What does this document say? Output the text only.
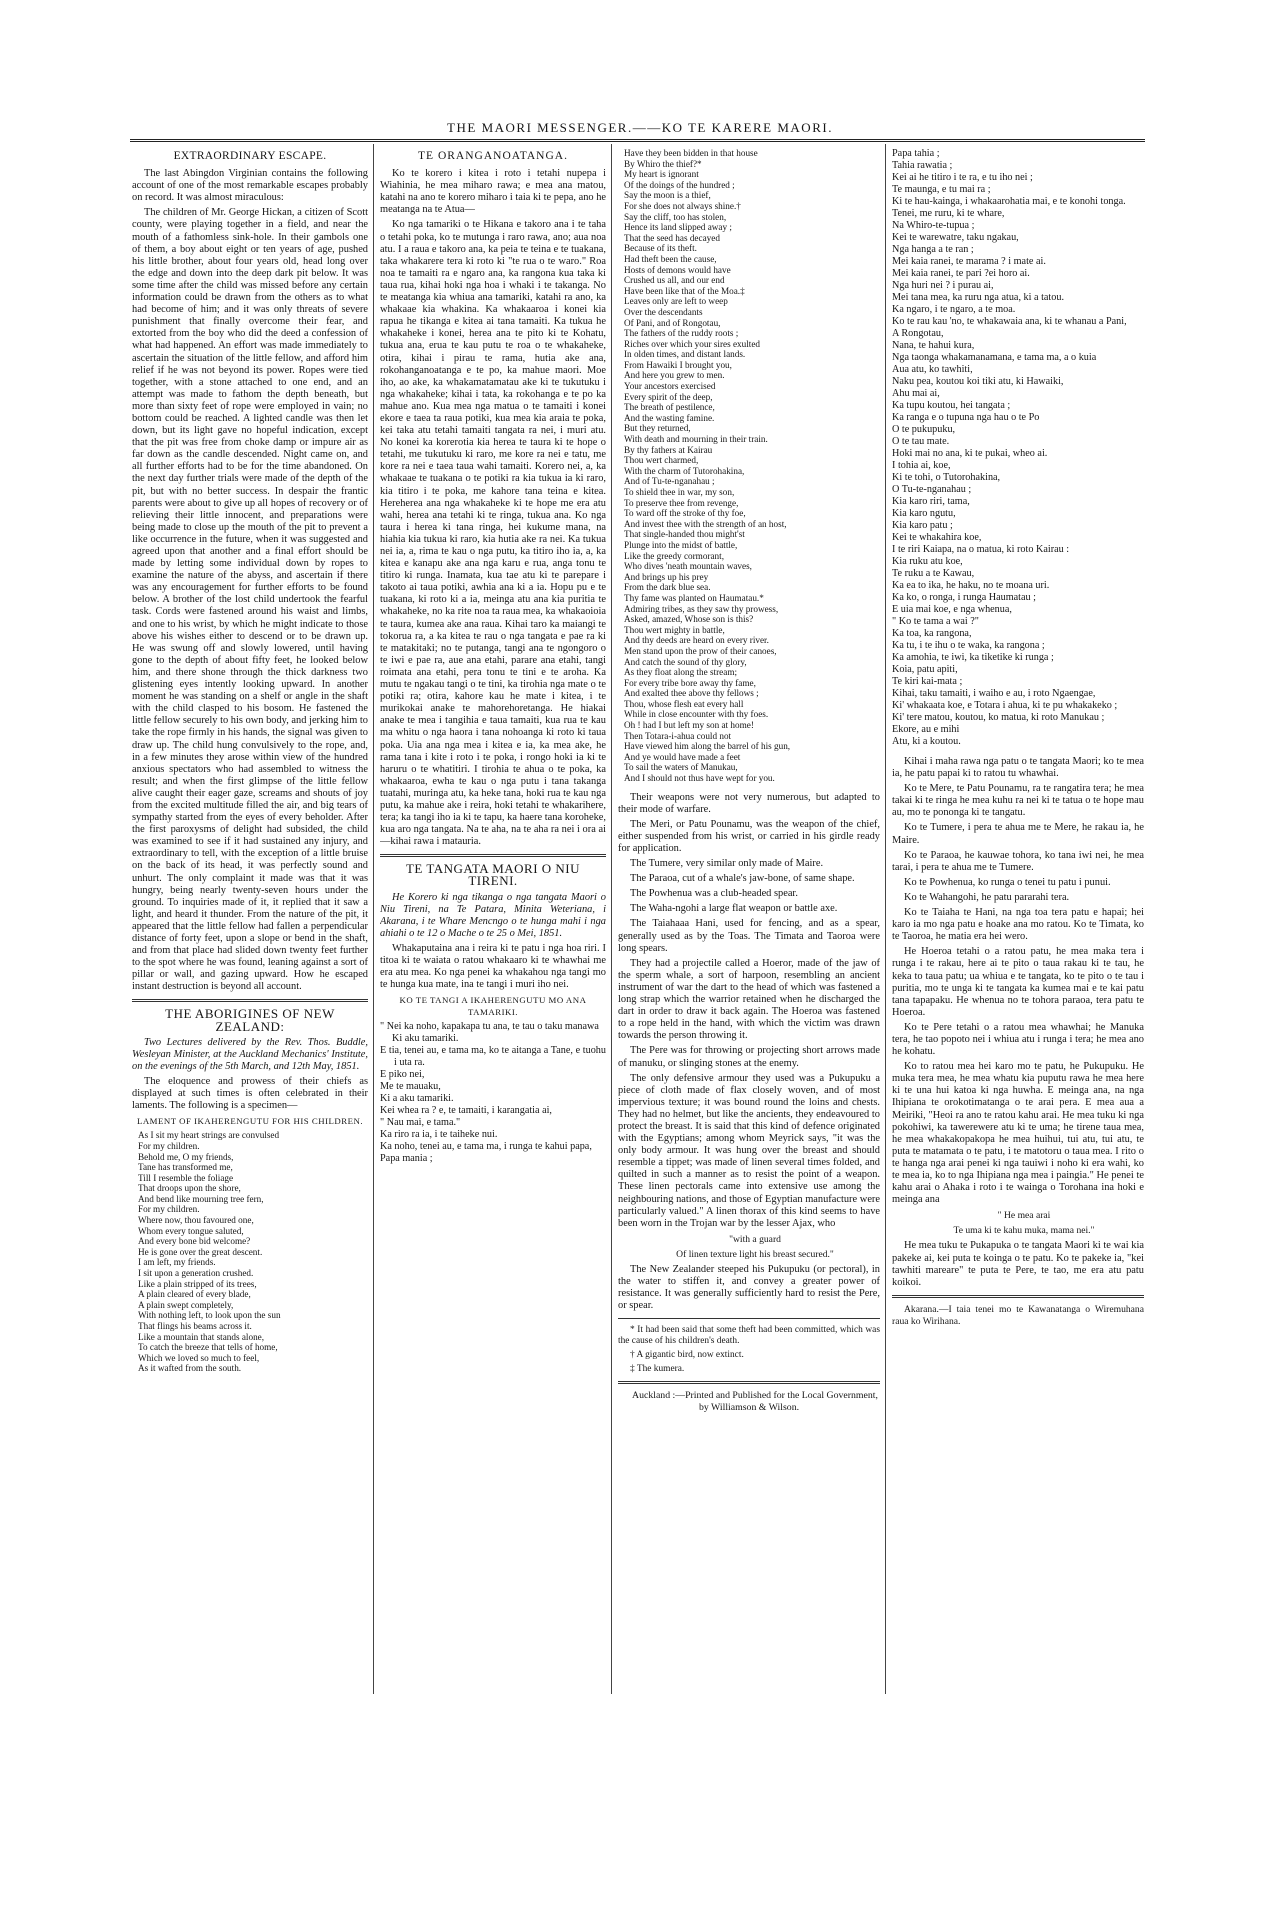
THE MAORI MESSENGER.——KO TE KARERE MAORI.
EXTRAORDINARY ESCAPE.

The last Abingdon Virginian contains the following account of one of the most remarkable escapes probably on record. It was almost miraculous:

The children of Mr. George Hickan, a citizen of Scott county, were playing together in a field, and near the mouth of a fathomless sink-hole. In their gambols one of them, a boy about eight or ten years of age, pushed his little brother, about four years old, head long over the edge and down into the deep dark pit below. It was some time after the child was missed before any certain information could be drawn from the others as to what had become of him; and it was only threats of severe punishment that finally overcome their fear, and extorted from the boy who did the deed a confession of what had happened. An effort was made immediately to ascertain the situation of the little fellow, and afford him relief if he was not beyond its power. Ropes were tied together, with a stone attached to one end, and an attempt was made to fathom the depth beneath, but more than sixty feet of rope were employed in vain; no bottom could be reached. A lighted candle was then let down, but its light gave no hopeful indication, except that the pit was free from choke damp or impure air as far down as the candle descended. Night came on, and all further efforts had to be for the time abandoned. On the next day further trials were made of the depth of the pit, but with no better success. In despair the frantic parents were about to give up all hopes of recovery or of relieving their little innocent, and preparations were being made to close up the mouth of the pit to prevent a like occurrence in the future, when it was suggested and agreed upon that another and a final effort should be made by letting some individual down by ropes to examine the nature of the abyss, and ascertain if there was any encouragement for further efforts to be found below. A brother of the lost child undertook the fearful task. Cords were fastened around his waist and limbs, and one to his wrist, by which he might indicate to those above his wishes either to descend or to be drawn up. He was swung off and slowly lowered, until having gone to the depth of about fifty feet, he looked below him, and there shone through the thick darkness two glistening eyes intently looking upward. In another moment he was standing on a shelf or angle in the shaft with the child clasped to his bosom. He fastened the little fellow securely to his own body, and jerking him to take the rope firmly in his hands, the signal was given to draw up. The child hung convulsively to the rope, and, in a few minutes they arose within view of the hundred anxious spectators who had assembled to witness the result; and when the first glimpse of the little fellow alive caught their eager gaze, screams and shouts of joy from the excited multitude filled the air, and big tears of sympathy started from the eyes of every beholder. After the first paroxysms of delight had subsided, the child was examined to see if it had sustained any injury, and extraordinary to tell, with the exception of a little bruise on the back of its head, it was perfectly sound and unhurt. The only complaint it made was that it was hungry, being nearly twenty-seven hours under the ground. To inquiries made of it, it replied that it saw a light, and heard it thunder. From the nature of the pit, it appeared that the little fellow had fallen a perpendicular distance of forty feet, upon a slope or bend in the shaft, and from that place had slided down twenty feet further to the spot where he was found, leaning against a sort of pillar or wall, and gazing upward. How he escaped instant destruction is beyond all account.

THE ABORIGINES OF NEW ZEALAND:

Two Lectures delivered by the Rev. Thos. Buddle, Wesleyan Minister, at the Auckland Mechanics' Institute, on the evenings of the 5th March, and 12th May, 1851.

The eloquence and prowess of their chiefs as displayed at such times is often celebrated in their laments. The following is a specimen—

LAMENT OF IKAHERENGUTU FOR HIS CHILDREN.
As I sit my heart strings are convulsed
For my children.
Behold me, O my friends,
Tane has transformed me,
Till I resemble the foliage
That droops upon the shore,
And bend like mourning tree fern,
For my children.
Where now, thou favoured one,
Whom every tongue saluted,
And every bone bid welcome?
He is gone over the great descent.
I am left, my friends.
I sit upon a generation crushed.
Like a plain stripped of its trees,
A plain cleared of every blade,
A plain swept completely,
With nothing left, to look upon the sun
That flings his beams across it.
Like a mountain that stands alone,
To catch the breeze that tells of home,
Which we loved so much to feel,
As it wafted from the south.
TE ORANGANOATANGA.

Ko te korero i kitea i roto i tetahi nupepa i Wiahinia, he mea miharo rawa; e mea ana matou, katahi na ano te korero miharo i taia ki te pepa, ano he meatanga na te Atua—

Ko nga tamariki o te Hikana e takoro ana i te taha o tetahi poka, ko te mutunga i raro rawa, ano; aua noa atu. I a raua e takoro ana, ka peia te teina e te tuakana, taka whakarere tera ki roto ki "te rua o te waro." Roa noa te tamaiti ra e ngaro ana, ka rangona kua taka ki taua rua, kihai hoki nga hoa i whaki i te takanga. No te meatanga kia whiua ana tamariki, katahi ra ano, ka whakaae kia whakina. Ka whakaaroa i konei kia rapua he tikanga e kitea ai tana tamaiti. Ka tukua he whakaheke i konei, herea ana te pito ki te Kohatu, tukua ana, erua te kau putu te roa o te whakaheke, otira, kihai i pirau te rama, hutia ake ana, rokohanganoatanga e te po, ka mahue maori. Moe iho, ao ake, ka whakamatamatau ake ki te tukutuku i nga whakaheke; kihai i tata, ka rokohanga e te po ka mahue ano. Kua mea nga matua o te tamaiti i konei ekore e taea ta raua potiki, kua mea kia araia te poka, kei taka atu tetahi tamaiti tangata ra nei, i muri atu. No konei ka korerotia kia herea te taura ki te hope o tetahi, me tukutuku ki raro, me kore ra nei e tatu, me kore ra nei e taea taua wahi tamaiti. Korero nei, a, ka whakaae te tuakana o te potiki ra kia tukua ia ki raro, kia titiro i te poka, me kahore tana teina e kitea. Hereherea ana nga whakaheke ki te hope me era atu wahi, herea ana tetahi ki te ringa, tukua ana. Ko nga taura i herea ki tana ringa, hei kukume mana, na hiahia kia tukua ki raro, kia hutia ake ra nei. Ka tukua nei ia, a, rima te kau o nga putu, ka titiro iho ia, a, ka kitea e kanapu ake ana nga karu e rua, anga tonu te titiro ki runga. Inamata, kua tae atu ki te parepare i takoto ai taua potiki, awhia ana ki a ia. Hopu pu e te tuakana, ki roto ki a ia, meinga atu ana kia puritia te whakaheke, no ka rite noa ta raua mea, ka whakaoioia te taura, kumea ake ana raua. Kihai taro ka maiangi te tokorua ra, a ka kitea te rau o nga tangata e pae ra ki te matakitaki; no te putanga, tangi ana te ngongoro o te iwi e pae ra, aue ana etahi, parare ana etahi, tangi roimata ana etahi, pera tonu te tini e te aroha. Ka mutu te ngakau tangi o te tini, ka tirohia nga mate o te potiki ra; otira, kahore kau he mate i kitea, i te murikokai anake te mahorehoretanga. He hiakai anake te mea i tangihia e taua tamaiti, kua rua te kau ma whitu o nga haora i tana nohoanga ki roto ki taua poka. Uia ana nga mea i kitea e ia, ka mea ake, he rama tana i kite i roto i te poka, i rongo hoki ia ki te haruru o te whatitiri. I tirohia te ahua o te poka, ka whakaaroa, ewha te kau o nga putu i tana takanga tuatahi, muringa atu, ka heke tana, hoki rua te kau nga putu, ka mahue ake i reira, hoki tetahi te whakarihere, tera; ka tangi iho ia ki te tapu, ka haere tana koroheke, kua aro nga tangata. Na te aha, na te aha ra nei i ora ai—kihai rawa i matauria.

TE TANGATA MAORI O NIU TIRENI.

He Korero ki nga tikanga o nga tangata Maori o Niu Tireni, na Te Patara, Minita Weteriana, i Akarana, i te Whare Mencngo o te hunga mahi i nga ahiahi o te 12 o Mache o te 25 o Mei, 1851.

Whakaputaina ana i reira ki te patu i nga hoa riri. I titoa ki te waiata o ratou whakaaro ki te whawhai me era atu mea. Ko nga penei ka whakahou nga tangi mo te hunga kua mate, ina te tangi i muri iho nei.

KO TE TANGI A IKAHERENGUTU MO ANA TAMARIKI.
" Nei ka noho, kapakapa tu ana, te tau o taku manawa
Ki aku tamariki.
E tia, tenei au, e tama ma, ko te aitanga a Tane, e tuohu i uta ra.
E piko nei,
Me te mauaku,
Ki a aku tamariki.
Kei whea ra ? e, te tamaiti, i karangatia ai,
" Nau mai, e tama."
Ka riro ra ia, i te taiheke nui.
Ka noho, tenei au, e tama ma, i runga te kahui papa,
Papa mania ;
Have they been bidden in that house
By Whiro the thief?*
My heart is ignorant
Of the doings of the hundred ;
Say the moon is a thief,
For she does not always shine.†
Say the cliff, too has stolen,
Hence its land slipped away ;
That the seed has decayed
Because of its theft.
Had theft been the cause,
Hosts of demons would have
Crushed us all, and our end
Have been like that of the Moa.‡
Leaves only are left to weep
Over the descendants
Of Pani, and of Rongotau,
The fathers of the ruddy roots ;
Riches over which your sires exulted
In olden times, and distant lands.
From Hawaiki I brought you,
And here you grew to men.
Your ancestors exercised
Every spirit of the deep,
The breath of pestilence,
And the wasting famine.
But they returned,
With death and mourning in their train.
By thy fathers at Kairau
Thou wert charmed,
With the charm of Tutorohakina,
And of Tu-te-nganahau ;
To shield thee in war, my son,
To preserve thee from revenge,
To ward off the stroke of thy foe,
And invest thee with the strength of an host,
That single-handed thou might'st
Plunge into the midst of battle,
Like the greedy cormorant,
Who dives 'neath mountain waves,
And brings up his prey
From the dark blue sea.
Thy fame was planted on Haumatau.*
Admiring tribes, as they saw thy prowess,
Asked, amazed, Whose son is this?
Thou wert mighty in battle,
And thy deeds are heard on every river.
Men stand upon the prow of their canoes,
And catch the sound of thy glory,
As they float along the stream;
For every tribe bore away thy fame,
And exalted thee above thy fellows ;
Thou, whose flesh eat every hall
While in close encounter with thy foes.
Oh ! had I but left my son at home!
Then Totara-i-ahua could not
Have viewed him along the barrel of his gun,
And ye would have made a feet
To sail the waters of Manukau,
And I should not thus have wept for you.

Their weapons were not very numerous, but adapted to their mode of warfare.

The Meri, or Patu Pounamu, was the weapon of the chief, either suspended from his wrist, or carried in his girdle ready for application.

The Tumere, very similar only made of Maire.

The Paraoa, cut of a whale's jaw-bone, of same shape.

The Powhenua was a club-headed spear.

The Waha-ngohi a large flat weapon or battle axe.

The Taiahaaa Hani, used for fencing, and as a spear, generally used as by the Toas. The Timata and Taoroa were long spears.

They had a projectile called a Hoeror, made of the jaw of the sperm whale, a sort of harpoon, resembling an ancient instrument of war the dart to the head of which was fastened a long strap which the warrior retained when he discharged the dart in order to draw it back again. The Hoeroa was fastened to a rope held in the hand, with which the victim was drawn towards the person throwing it.

The Pere was for throwing or projecting short arrows made of manuku, or slinging stones at the enemy.

The only defensive armour they used was a Pukupuku a piece of cloth made of flax closely woven, and of most impervious texture; it was bound round the loins and chests. They had no helmet, but like the ancients, they endeavoured to protect the breast. It is said that this kind of defence originated with the Egyptians; among whom Meyrick says, "it was the only body armour. It was hung over the breast and should resemble a tippet; was made of linen several times folded, and quilted in such a manner as to resist the point of a weapon. These linen pectorals came into extensive use among the neighbouring nations, and those of Egyptian manufacture were particularly valued." A linen thorax of this kind seems to have been worn in the Trojan war by the lesser Ajax, who

"with a guard

Of linen texture light his breast secured."

The New Zealander steeped his Pukupuku (or pectoral), in the water to stiffen it, and convey a greater power of resistance. It was generally sufficiently hard to resist the Pere, or spear.

* It had been said that some theft had been committed, which was the cause of his children's death.

† A gigantic bird, now extinct.

‡ The kumera.

Auckland :—Printed and Published for the Local Government, by Williamson & Wilson.

Papa tahia ;
Tahia rawatia ;
Kei ai he titiro i te ra, e tu iho nei ;
Te maunga, e tu mai ra ;
Ki te hau-kainga, i whakaarohatia mai, e te konohi tonga.
Tenei, me ruru, ki te whare,
Na Whiro-te-tupua ;
Kei te warewatre, taku ngakau,
Nga hanga a te ran ;
Mei kaia ranei, te marama ? i mate ai.
Mei kaia ranei, te pari ?ei horo ai.
Nga huri nei ? i purau ai,
Mei tana mea, ka ruru nga atua, ki a tatou.
Ka ngaro, i te ngaro, a te moa.
Ko te rau kau 'no, te whakawaia ana, ki te whanau a Pani,
A Rongotau,
Nana, te hahui kura,
Nga taonga whakamanamana, e tama ma, a o kuia
Aua atu, ko tawhiti,
Naku pea, koutou koi tiki atu, ki Hawaiki,
Ahu mai ai,
Ka tupu koutou, hei tangata ;
Ka ranga e o tupuna nga hau o te Po
O te pukupuku,
O te tau mate.
Hoki mai no ana, ki te pukai, wheo ai.
I tohia ai, koe,
Ki te tohi, o Tutorohakina,
O Tu-te-nganahau ;
Kia karo riri, tama,
Kia karo ngutu,
Kia karo patu ;
Kei te whakahira koe,
I te riri Kaiapa, na o matua, ki roto Kairau :
Kia ruku atu koe,
Te ruku a te Kawau,
Ka ea to ika, he haku, no te moana uri.
Ka ko, o ronga, i runga Haumatau ;
E uia mai koe, e nga whenua,
" Ko te tama a wai ?"
Ka toa, ka rangona,
Ka tu, i te ihu o te waka, ka rangona ;
Ka amohia, te iwi, ka tiketike ki runga ;
Koia, patu apiti,
Te kiri kai-mata ;
Kihai, taku tamaiti, i waiho e au, i roto Ngaengae,
Ki' whakaata koe, e Totara i ahua, ki te pu whakakeko ;
Ki' tere matou, koutou, ko matua, ki roto Manukau ;
Ekore, au e mihi
Atu, ki a koutou.

Kihai i maha rawa nga patu o te tangata Maori; ko te mea ia, he patu papai ki to ratou tu whawhai.

Ko te Mere, te Patu Pounamu, ra te rangatira tera; he mea takai ki te ringa he mea kuhu ra nei ki te tatua o te hope mau au, mo te pononga ki te tangatu.

Ko te Tumere, i pera te ahua me te Mere, he rakau ia, he Maire.

Ko te Paraoa, he kauwae tohora, ko tana iwi nei, he mea tarai, i pera te ahua me te Tumere.

Ko te Powhenua, ko runga o tenei tu patu i punui.

Ko te Wahangohi, he patu pararahi tera.

Ko te Taiaha te Hani, na nga toa tera patu e hapai; hei karo ia mo nga patu e hoake ana mo ratou. Ko te Timata, ko te Taoroa, he matia era hei wero.

He Hoeroa tetahi o a ratou patu, he mea maka tera i runga i te rakau, here ai te pito o taua rakau ki te tau, he keka to taua patu; ua whiua e te tangata, ko te pito o te tau i puritia, mo te unga ki te tangata ka kumea mai e te kai patu tana tapapaku. He whenua no te tohora paraoa, tera patu te Hoeroa.

Ko te Pere tetahi o a ratou mea whawhai; he Manuka tera, he tao popoto nei i whiua atu i runga i tera; he mea ano he kohatu.

Ko to ratou mea hei karo mo te patu, he Pukupuku. He muka tera mea, he mea whatu kia puputu rawa he mea here ki te una hui katoa ki nga huwha. E meinga ana, na nga Ihipiana te orokotimatanga o te arai pera. E mea aua a Meiriki, "Heoi ra ano te ratou kahu arai. He mea tuku ki nga pokohiwi, ka tawerewere atu ki te uma; he tirene taua mea, he mea whakakopakopa he mea huihui, tui atu, tui atu, te puta te matamata o te patu, i te matotoru o taua mea. I rito o te hanga nga arai penei ki nga tauiwi i noho ki era wahi, ko te mea ia, ko to nga Ihipiana nga mea i paingia." He penei te kahu arai o Ahaka i roto i te wainga o Torohana ina hoki e meinga ana

" He mea arai

Te uma ki te kahu muka, mama nei."

He mea tuku te Pukapuka o te tangata Maori ki te wai kia pakeke ai, kei puta te koinga o te patu. Ko te pakeke ia, "kei tawhiti mareare" te puta te Pere, te tao, me era atu patu koikoi.

Akarana.—I taia tenei mo te Kawanatanga o Wiremuhana raua ko Wirihana.
